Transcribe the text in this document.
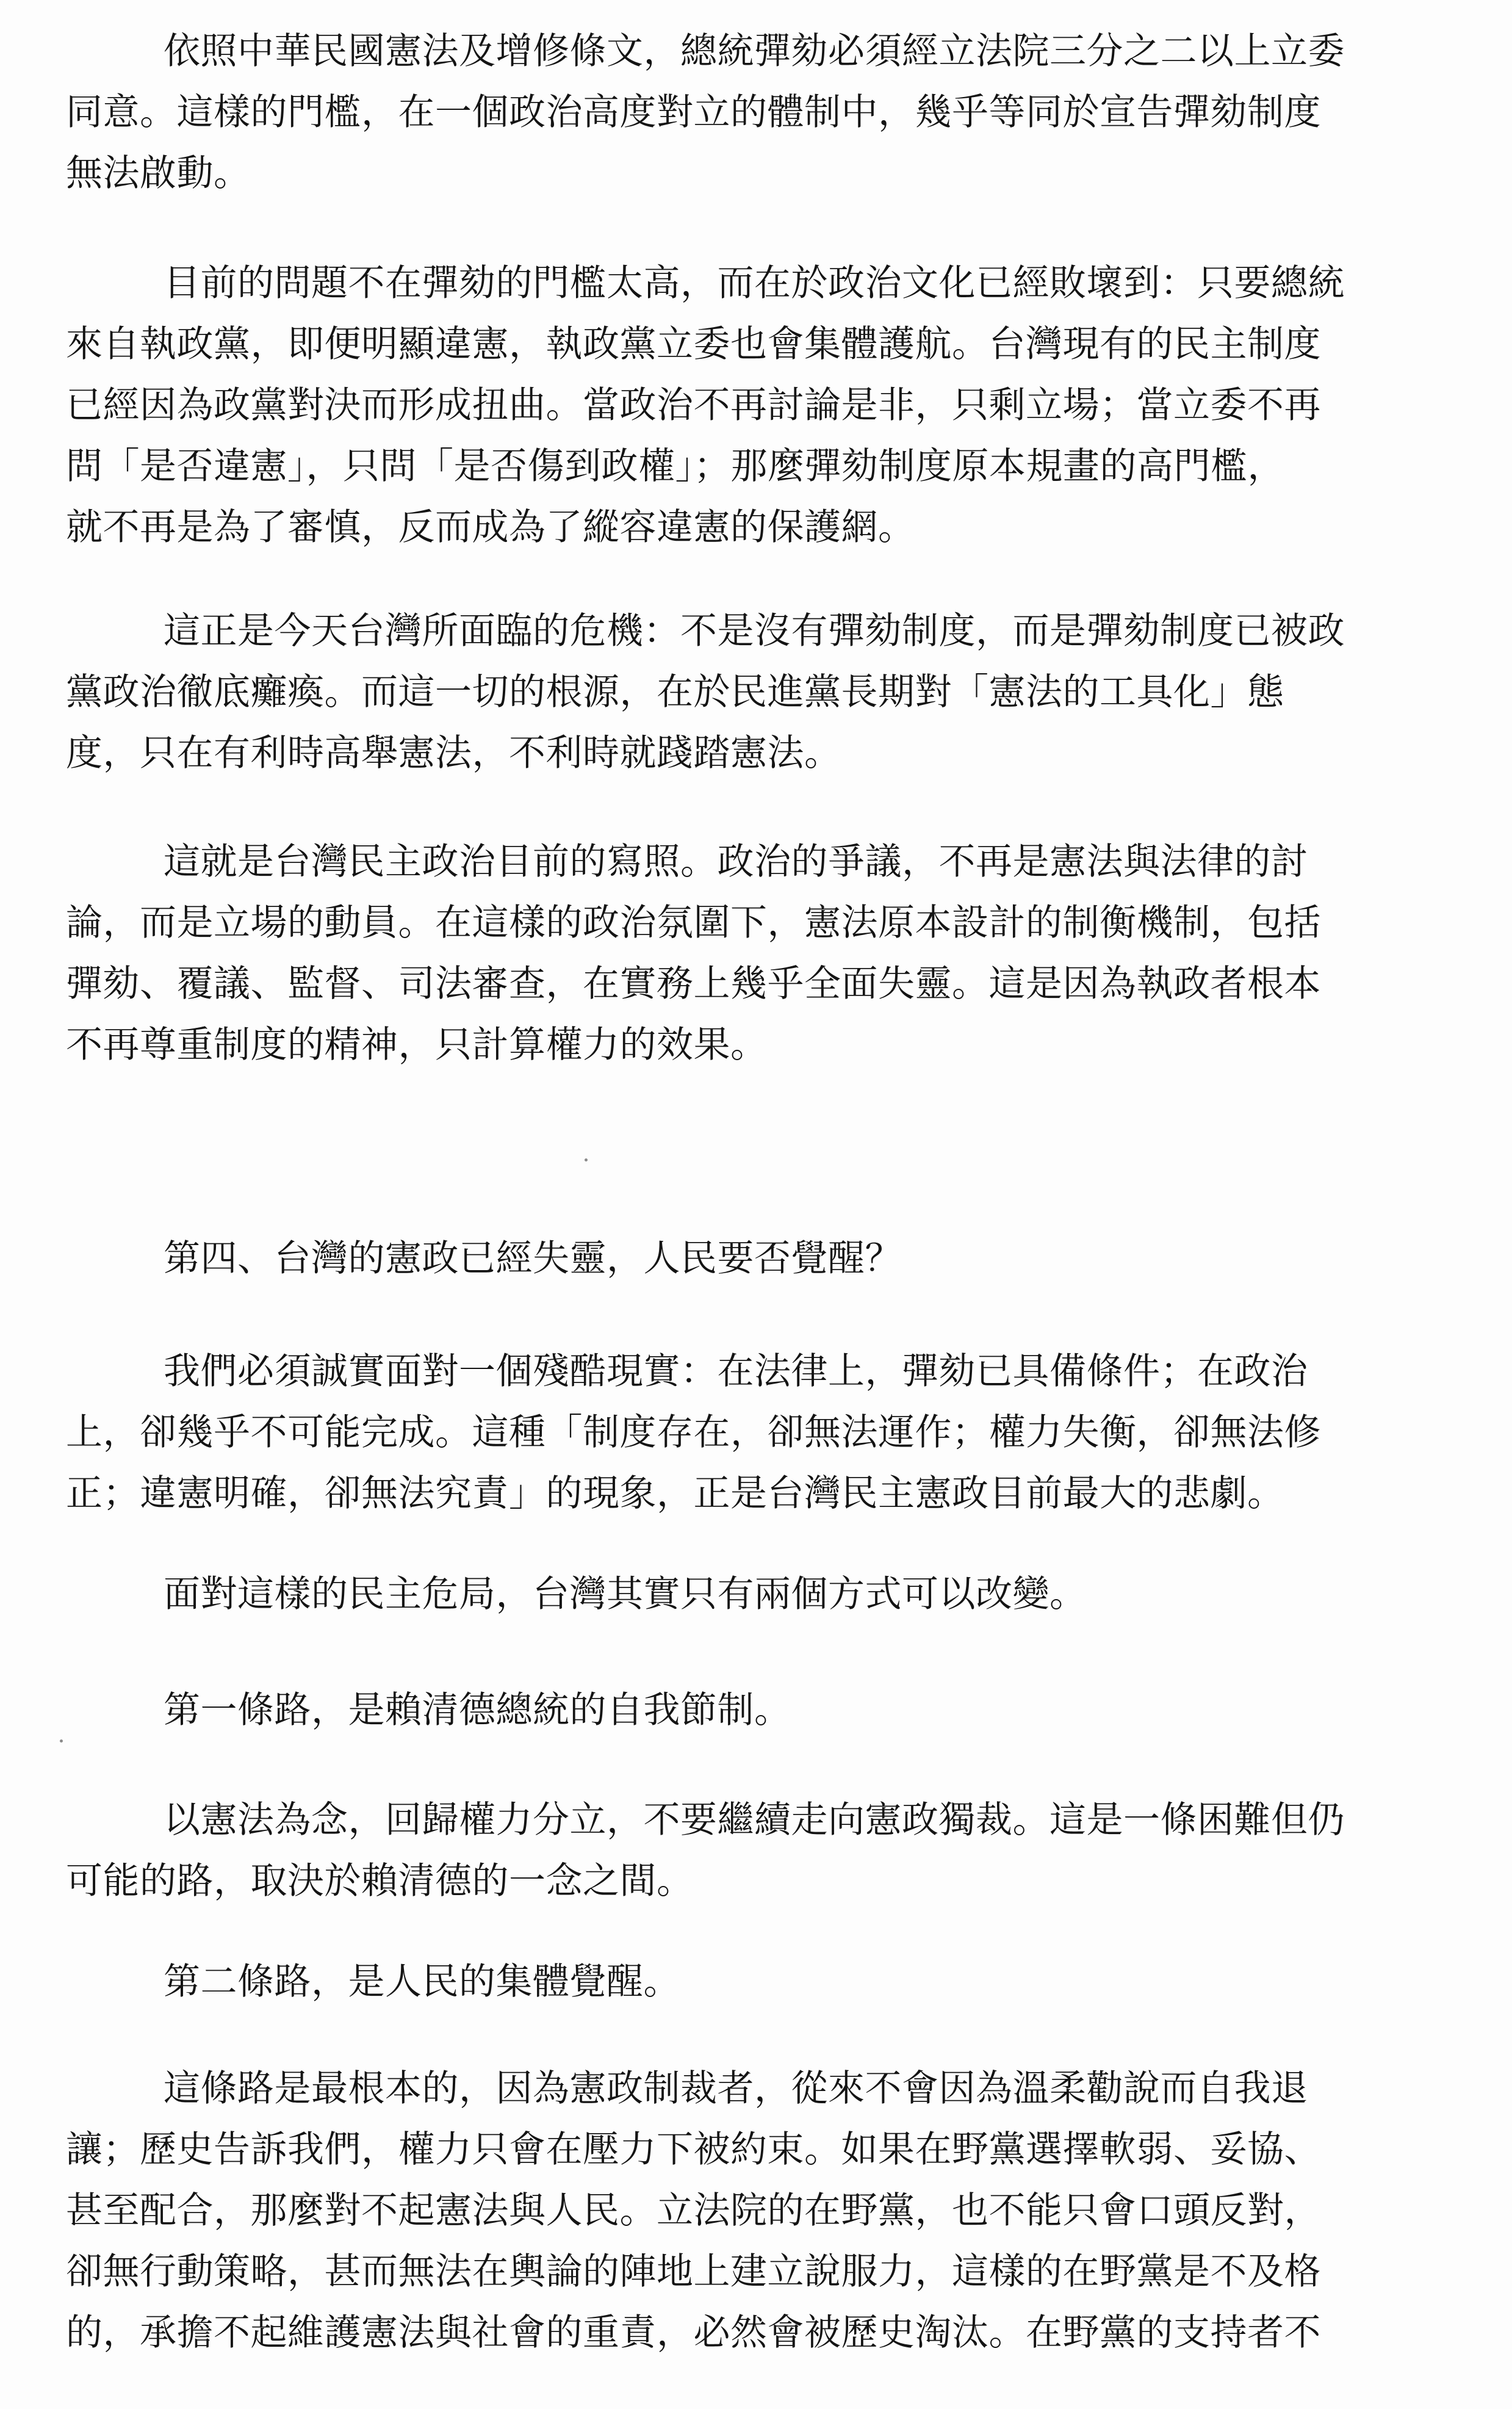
依照中華民國憲法及增修條文，總統彈劾必須經立法院三分之二以上立委
同意。這樣的門檻，在一個政治高度對立的體制中，幾乎等同於宣告彈劾制度
無法啟動。
目前的問題不在彈劾的門檻太高，而在於政治文化已經敗壞到：只要總統
來自執政黨，即便明顯違憲，執政黨立委也會集體護航。台灣現有的民主制度
已經因為政黨對決而形成扭曲。當政治不再討論是非，只剩立場；當立委不再
問「是否違憲」，只問「是否傷到政權」；那麼彈劾制度原本規畫的高門檻，
就不再是為了審慎，反而成為了縱容違憲的保護網。
這正是今天台灣所面臨的危機：不是沒有彈劾制度，而是彈劾制度已被政
黨政治徹底癱瘓。而這一切的根源，在於民進黨長期對「憲法的工具化」態
度，只在有利時高舉憲法，不利時就踐踏憲法。
這就是台灣民主政治目前的寫照。政治的爭議，不再是憲法與法律的討
論，而是立場的動員。在這樣的政治氛圍下，憲法原本設計的制衡機制，包括
彈劾、覆議、監督、司法審查，在實務上幾乎全面失靈。這是因為執政者根本
不再尊重制度的精神，只計算權力的效果。
第四、台灣的憲政已經失靈，人民要否覺醒？
我們必須誠實面對一個殘酷現實：在法律上，彈劾已具備條件；在政治
上，卻幾乎不可能完成。這種「制度存在，卻無法運作；權力失衡，卻無法修
正；違憲明確，卻無法究責」的現象，正是台灣民主憲政目前最大的悲劇。
面對這樣的民主危局，台灣其實只有兩個方式可以改變。
第一條路，是賴清德總統的自我節制。
以憲法為念，回歸權力分立，不要繼續走向憲政獨裁。這是一條困難但仍
可能的路，取決於賴清德的一念之間。
第二條路，是人民的集體覺醒。
這條路是最根本的，因為憲政制裁者，從來不會因為溫柔勸說而自我退
讓；歷史告訴我們，權力只會在壓力下被約束。如果在野黨選擇軟弱、妥協、
甚至配合，那麼對不起憲法與人民。立法院的在野黨，也不能只會口頭反對，
卻無行動策略，甚而無法在輿論的陣地上建立說服力，這樣的在野黨是不及格
的，承擔不起維護憲法與社會的重責，必然會被歷史淘汰。在野黨的支持者不
